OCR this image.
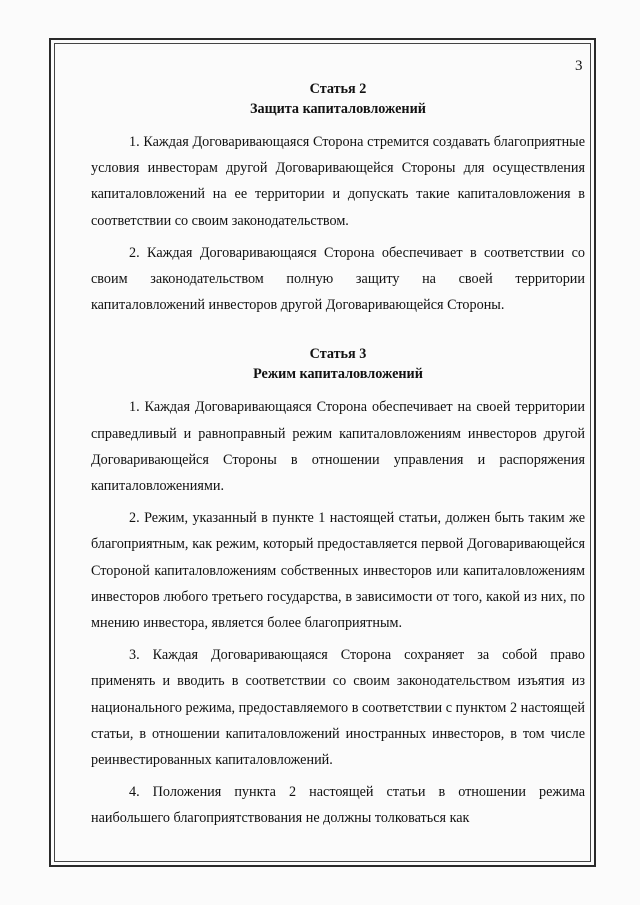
3
Статья 2
Защита капиталовложений

1. Каждая Договаривающаяся Сторона стремится создавать благоприятные условия инвесторам другой Договаривающейся Стороны для осуществления капиталовложений на ее территории и допускать такие капиталовложения в соответствии со своим законодательством.

2. Каждая Договаривающаяся Сторона обеспечивает в соответствии со своим законодательством полную защиту на своей территории капиталовложений инвесторов другой Договаривающейся Стороны.

Статья 3
Режим капиталовложений

1. Каждая Договаривающаяся Сторона обеспечивает на своей территории справедливый и равноправный режим капиталовложениям инвесторов другой Договаривающейся Стороны в отношении управления и распоряжения капиталовложениями.

2. Режим, указанный в пункте 1 настоящей статьи, должен быть таким же благоприятным, как режим, который предоставляется первой Договаривающейся Стороной капиталовложениям собственных инвесторов или капиталовложениям инвесторов любого третьего государства, в зависимости от того, какой из них, по мнению инвестора, является более благоприятным.

3. Каждая Договаривающаяся Сторона сохраняет за собой право применять и вводить в соответствии со своим законодательством изъятия из национального режима, предоставляемого в соответствии с пунктом 2 настоящей статьи, в отношении капиталовложений иностранных инвесторов, в том числе реинвестированных капиталовложений.

4. Положения пункта 2 настоящей статьи в отношении режима наибольшего благоприятствования не должны толковаться как
